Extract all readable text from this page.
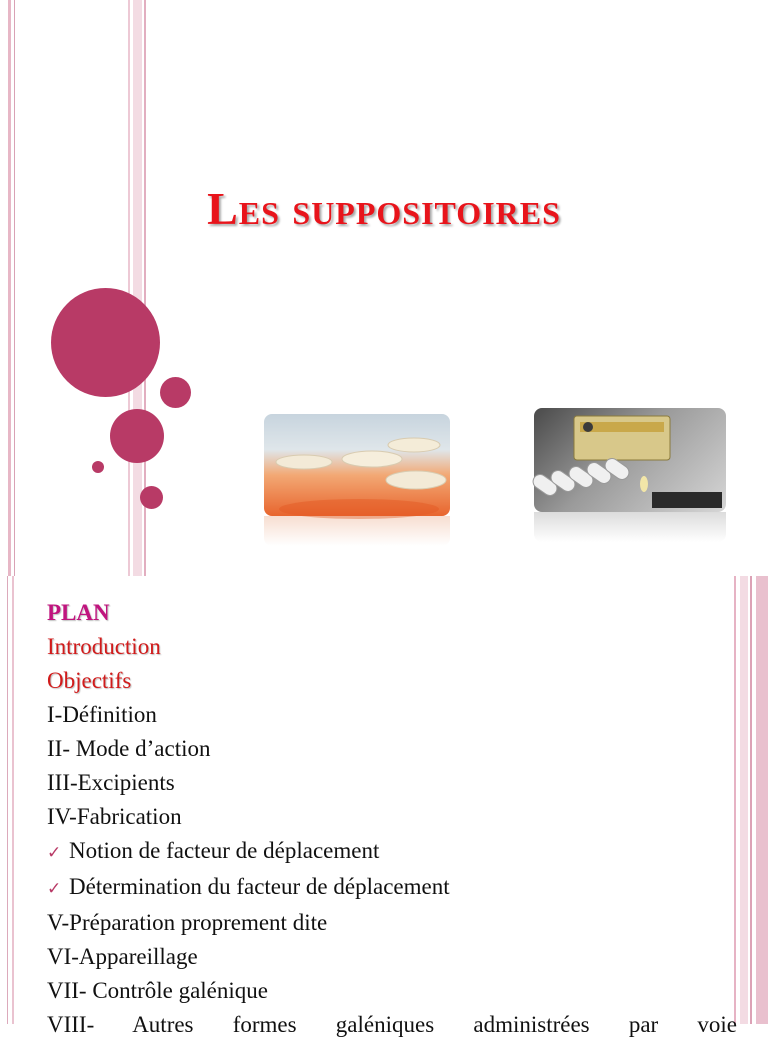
Les suppositoires
PLAN
Introduction
Objectifs
I-Définition
II- Mode d’action
III-Excipients
IV-Fabrication
✓ Notion de facteur de déplacement
✓ Détermination du facteur de déplacement
V-Préparation proprement dite
VI-Appareillage
VII- Contrôle galénique
VIII- Autres formes galéniques administrées par voie
